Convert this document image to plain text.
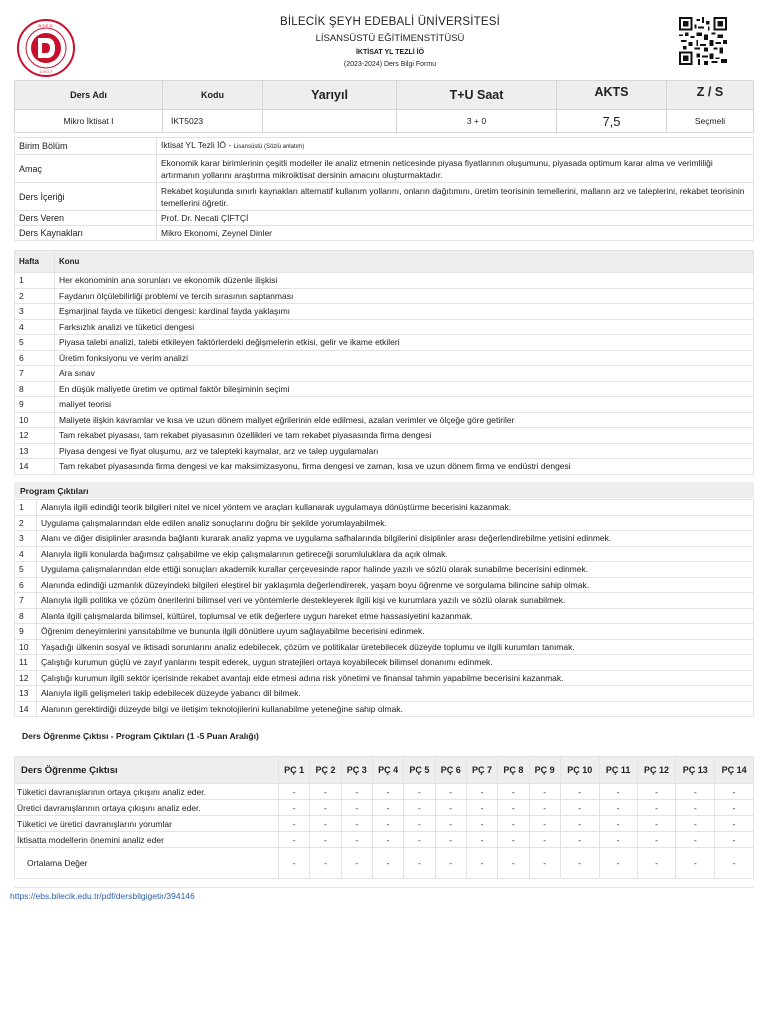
B.Ş.E.Ü.
1 9 0 7
BİLECİK ŞEYH EDEBALİ ÜNİVERSİTESİ
LİSANSÜSTÜ EĞİTİMENSTİTÜSÜ
İKTİSAT YL TEZLİ İÖ
(2023-2024) Ders Bilgi Formu
Ders Adı	Kodu	Yarıyıl	T+U Saat	AKTS	Z / S
Mikro İktisat I	İKT5023		3 + 0	7,5	Seçmeli
Birim Bölüm	İktisat YL Tezli İÖ - Lisansüstü (Sözlü anlatım)
Amaç	Ekonomik karar birimlerinin çeşitli modeller ile analiz etmenin neticesinde piyasa fiyatlarının oluşumunu, piyasada optimum karar alma ve verimliliği artırmanın yollarını araştırma mikroiktisat dersinin amacını oluşturmaktadır.
Ders İçeriği	Rekabet koşulunda sınırlı kaynakları alternatif kullanım yollarını, onların dağıtımını, üretim teorisinin temellerini, malların arz ve taleplerini, rekabet teorisinin temellerini öğretir.
Ders Veren	Prof. Dr. Necati ÇİFTÇİ
Ders Kaynakları	Mikro Ekonomi, Zeynel Dinler
Hafta	Konu
1	Her ekonominin ana sorunları ve ekonomik düzenle ilişkisi
2	Faydanın ölçülebilirliği problemi ve tercih sırasının saptanması
3	Eşmarjinal fayda ve tüketici dengesi: kardinal fayda yaklaşımı
4	Farksızlık analizi ve tüketici dengesi
5	Piyasa talebi analizi, talebi etkileyen faktörlerdeki değişmelerin etkisi, gelir ve ikame etkileri
6	Üretim fonksiyonu ve verim analizi
7	Ara sınav
8	En düşük maliyetle üretim ve optimal faktör bileşiminin seçimi
9	maliyet teorisi
10	Maliyete ilişkin kavramlar ve kısa ve uzun dönem maliyet eğrilerinin elde edilmesi, azalan verimler ve ölçeğe göre getiriler
12	Tam rekabet piyasası, tam rekabet piyasasının özellikleri ve tam rekabet piyasasında firma dengesi
13	Piyasa dengesi ve fiyat oluşumu, arz ve talepteki kaymalar, arz ve talep uygulamaları
14	Tam rekabet piyasasında firma dengesi ve kar maksimizasyonu, firma dengesi ve zaman, kısa ve uzun dönem firma ve endüstri dengesi
Program Çıktıları
1	Alanıyla ilgili edindiği teorik bilgileri nitel ve nicel yöntem ve araçları kullanarak uygulamaya dönüştürme becerisini kazanmak.
2	Uygulama çalışmalarından elde edilen analiz sonuçlarını doğru bir şekilde yorumlayabilmek.
3	Alanı ve diğer disiplinler arasında bağlantı kurarak analiz yapma ve uygulama safhalarında bilgilerini disiplinler arası değerlendirebilme yetisini edinmek.
4	Alanıyla ilgili konularda bağımsız çalışabilme ve ekip çalışmalarının getireceği sorumluluklara da açık olmak.
5	Uygulama çalışmalarından elde ettiği sonuçları akademik kurallar çerçevesinde rapor halinde yazılı ve sözlü olarak sunabilme becerisini edinmek.
6	Alanında edindiği uzmanlık düzeyindeki bilgileri eleştirel bir yaklaşımla değerlendirerek, yaşam boyu öğrenme ve sorgulama bilincine sahip olmak.
7	Alanıyla ilgili politika ve çözüm önerilerini bilimsel veri ve yöntemlerle destekleyerek ilgili kişi ve kurumlara yazılı ve sözlü olarak sunabilmek.
8	Alanla ilgili çalışmalarda bilimsel, kültürel, toplumsal ve etik değerlere uygun hareket etme hassasiyetini kazanmak.
9	Öğrenim deneyimlerini yansıtabilme ve bununla ilgili dönütlere uyum sağlayabilme becerisini edinmek.
10	Yaşadığı ülkenin sosyal ve iktisadi sorunlarını analiz edebilecek, çözüm ve politikalar üretebilecek düzeyde toplumu ve ilgili kurumları tanımak.
11	Çalıştığı kurumun güçlü ve zayıf yanlarını tespit ederek, uygun stratejileri ortaya koyabilecek bilimsel donanımı edinmek.
12	Çalıştığı kurumun ilgili sektör içerisinde rekabet avantajı elde etmesi adına risk yönetimi ve finansal tahmin yapabilme becerisini kazanmak.
13	Alanıyla ilgili gelişmeleri takip edebilecek düzeyde yabancı dil bilmek.
14	Alanının gerektirdiği düzeyde bilgi ve iletişim teknolojilerini kullanabilme yeteneğine sahip olmak.
Ders Öğrenme Çıktısı - Program Çıktıları (1 -5 Puan Aralığı)
Ders Öğrenme Çıktısı	PÇ 1	PÇ 2	PÇ 3	PÇ 4	PÇ 5	PÇ 6	PÇ 7	PÇ 8	PÇ 9	PÇ 10	PÇ 11	PÇ 12	PÇ 13	PÇ 14
Tüketici davranışlarının ortaya çıkışını analiz eder.	-	-	-	-	-	-	-	-	-	-	-	-	-	-
Üretici davranışlarının ortaya çıkışını analiz eder.	-	-	-	-	-	-	-	-	-	-	-	-	-	-
Tüketici ve üretici davranışlarını yorumlar	-	-	-	-	-	-	-	-	-	-	-	-	-	-
İktisatta modellerin önemini analiz eder	-	-	-	-	-	-	-	-	-	-	-	-	-	-
Ortalama Değer	-	-	-	-	-	-	-	-	-	-	-	-	-	-
https://ebs.bilecik.edu.tr/pdf/dersbilgigetir/394146
